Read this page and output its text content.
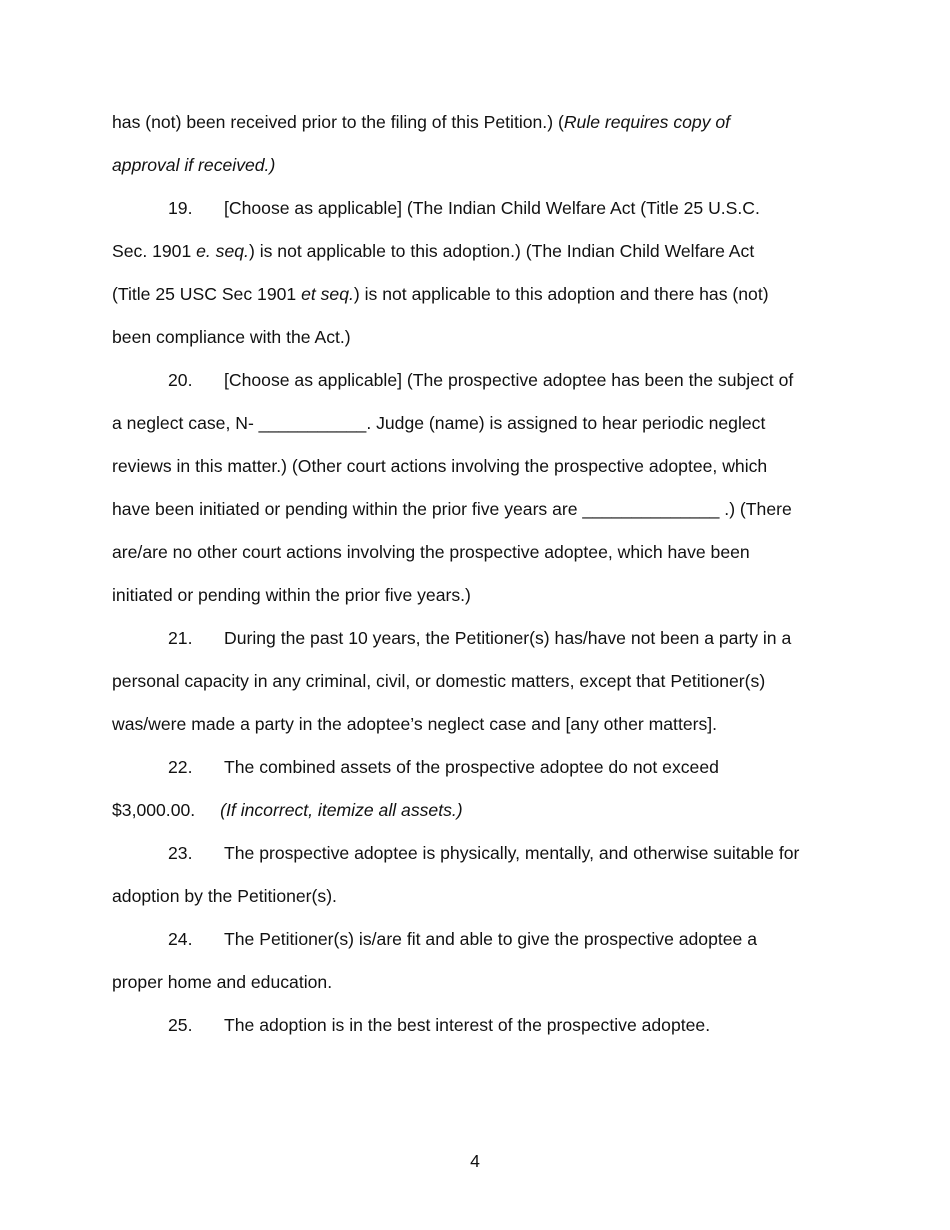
has (not) been received prior to the filing of this Petition.) (Rule requires copy of
approval if received.)
19. [Choose as applicable] (The Indian Child Welfare Act (Title 25 U.S.C.
Sec. 1901 e. seq.) is not applicable to this adoption.) (The Indian Child Welfare Act
(Title 25 USC Sec 1901 et seq.) is not applicable to this adoption and there has (not)
been compliance with the Act.)
20. [Choose as applicable] (The prospective adoptee has been the subject of
a neglect case, N- ___________. Judge (name) is assigned to hear periodic neglect
reviews in this matter.) (Other court actions involving the prospective adoptee, which
have been initiated or pending within the prior five years are ______________ .) (There
are/are no other court actions involving the prospective adoptee, which have been
initiated or pending within the prior five years.)
21. During the past 10 years, the Petitioner(s) has/have not been a party in a
personal capacity in any criminal, civil, or domestic matters, except that Petitioner(s)
was/were made a party in the adoptee’s neglect case and [any other matters].
22. The combined assets of the prospective adoptee do not exceed
$3,000.00. (If incorrect, itemize all assets.)
23. The prospective adoptee is physically, mentally, and otherwise suitable for
adoption by the Petitioner(s).
24. The Petitioner(s) is/are fit and able to give the prospective adoptee a
proper home and education.
25. The adoption is in the best interest of the prospective adoptee.
4
